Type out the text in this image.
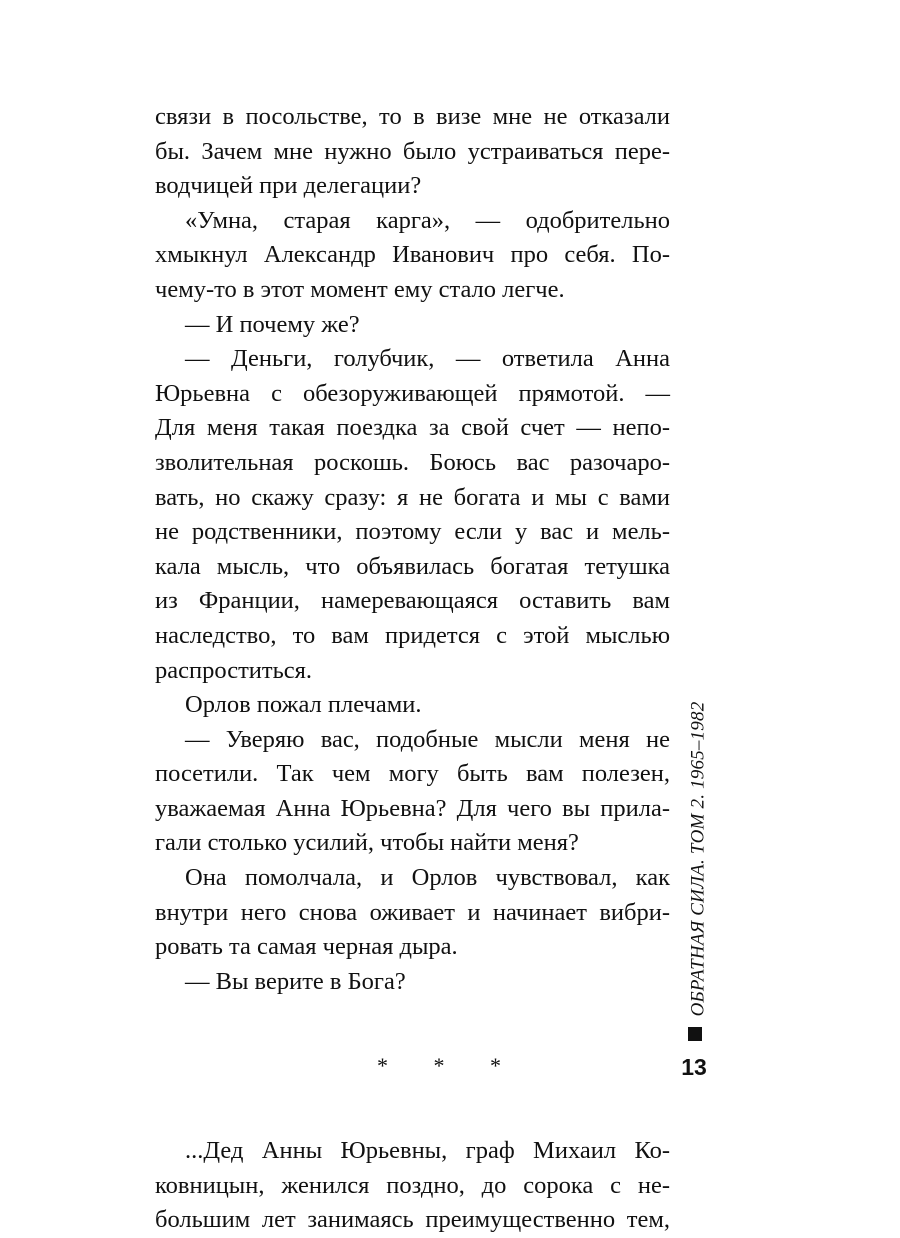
связи в посольстве, то в визе мне не отказали
бы. Зачем мне нужно было устраиваться пере-
водчицей при делегации?
«Умна, старая карга», — одобрительно
хмыкнул Александр Иванович про себя. По-
чему-то в этот момент ему стало легче.
— И почему же?
— Деньги, голубчик, — ответила Анна
Юрьевна с обезоруживающей прямотой. —
Для меня такая поездка за свой счет — непо-
зволительная роскошь. Боюсь вас разочаро-
вать, но скажу сразу: я не богата и мы с вами
не родственники, поэтому если у вас и мель-
кала мысль, что объявилась богатая тетушка
из Франции, намеревающаяся оставить вам
наследство, то вам придется с этой мыслью
распроститься.
Орлов пожал плечами.
— Уверяю вас, подобные мысли меня не
посетили. Так чем могу быть вам полезен,
уважаемая Анна Юрьевна? Для чего вы прила-
гали столько усилий, чтобы найти меня?
Она помолчала, и Орлов чувствовал, как
внутри него снова оживает и начинает вибри-
ровать та самая черная дыра.
— Вы верите в Бога?
* * *
...Дед Анны Юрьевны, граф Михаил Ко-
ковницын, женился поздно, до сорока с не-
большим лет занимаясь преимущественно тем,
ОБРАТНАЯ СИЛА. ТОМ 2. 1965–1982
13
